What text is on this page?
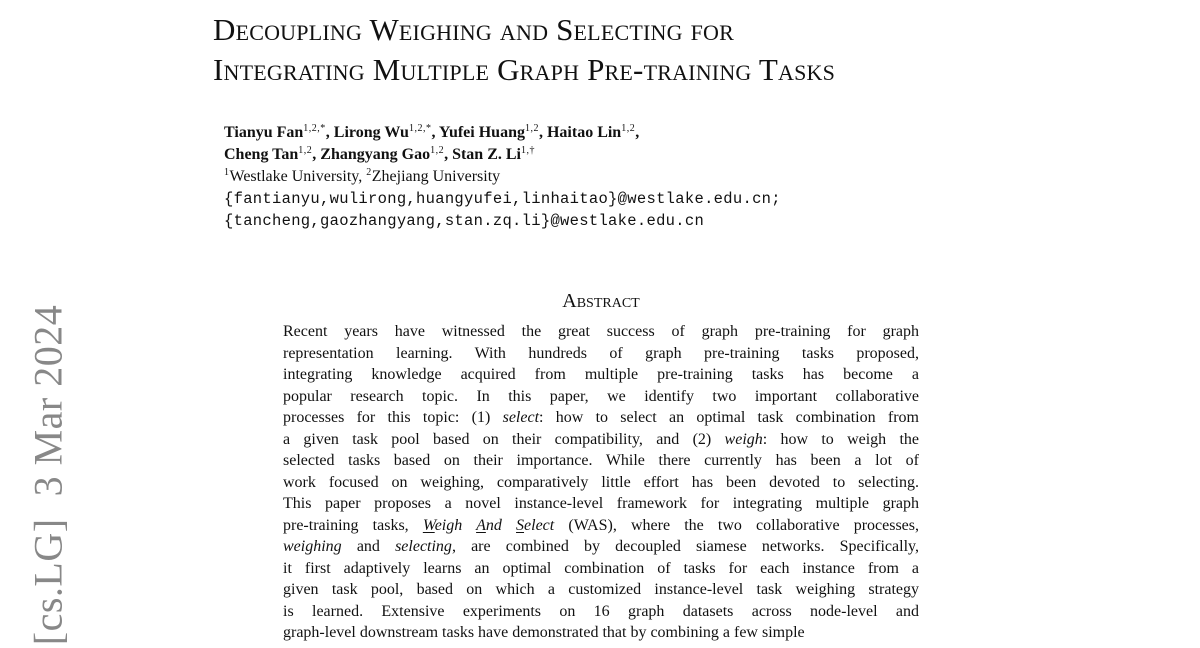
Decoupling Weighing and Selecting for
Integrating Multiple Graph Pre-training Tasks
Tianyu Fan$^{1,2,*}$, Lirong $Wu^{1,2,*}$, Yufei Huang$^{1,2}$, Haitao Lin$^{1,2}$,
Cheng Tan$^{1,2}$, Zhangyang Gao$^{1,2}$, Stan Z. $Li^{1,\dagger}$
$^1$Westlake University, $^2$Zhejiang University
{fantianyu,wulirong,huangyufei,linhaitao}@westlake.edu.cn;
{tancheng,gaozhangyang,stan.zq.li}@westlake.edu.cn
[cs.LG]3 Mar 2024
Abstract
Recent years have witnessed the great success of graph pre-training for graph
representation learning. With hundreds of graph pre-training tasks proposed,
integrating knowledge acquired from multiple pre-training tasks has become a
popular research topic. In this paper, we identify two important collaborative
processes for this topic: (1) select: how to select an optimal task combination from
a given task pool based on their compatibility, and (2) weigh: how to weigh the
selected tasks based on their importance. While there currently has been a lot of
work focused on weighing, comparatively little effort has been devoted to selecting.
This paper proposes a novel instance-level framework for integrating multiple graph
pre-training tasks, Weigh And Select (WAS), where the two collaborative processes,
weighing and selecting, are combined by decoupled siamese networks. Specifically,
it first adaptively learns an optimal combination of tasks for each instance from a
given task pool, based on which a customized instance-level task weighing strategy
is learned. Extensive experiments on 16 graph datasets across node-level and
graph-level downstream tasks have demonstrated that by combining a few simple
